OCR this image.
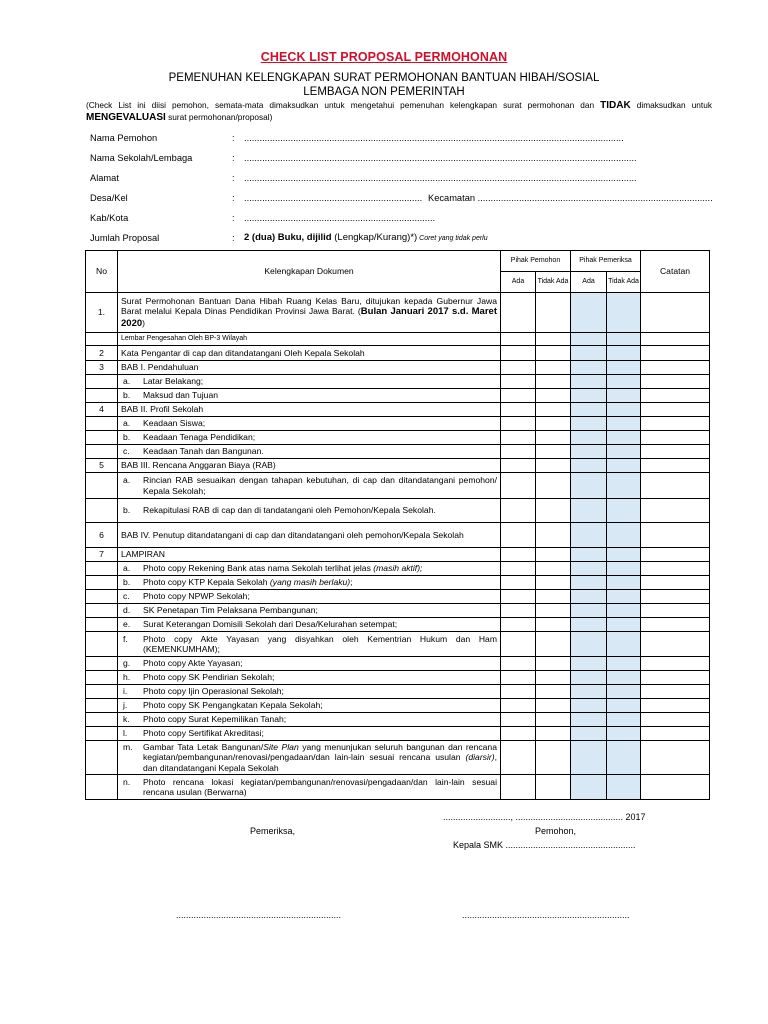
CHECK LIST PROPOSAL PERMOHONAN
PEMENUHAN KELENGKAPAN SURAT PERMOHONAN BANTUAN HIBAH/SOSIAL
LEMBAGA NON PEMERINTAH
(Check List ini diisi pemohon, semata-mata dimaksudkan untuk mengetahui pemenuhan kelengkapan surat permohonan dan TIDAK dimaksudkan untuk MENGEVALUASI surat permohonan/proposal)
Nama Pemohon	: ...................................................................................................................................................
Nama Sekolah/Lembaga	: ........................................................................................................................................................
Alamat	: ........................................................................................................................................................
Desa/Kel	: ..................................................................... Kecamatan ...........................................................................................
Kab/Kota	: ..........................................................................
Jumlah Proposal	: 2 (dua) Buku, dijilid (Lengkap/Kurang)*) Coret yang tidak perlu
No	Kelengkapan Dokumen	Pihak Pemohon		Pihak Pemeriksa		Catatan
		Ada	Tidak Ada	Ada	Tidak Ada	
1.	Surat Permohonan Bantuan Dana Hibah Ruang Kelas Baru, ditujukan kepada Gubernur Jawa Barat melalui Kepala Dinas Pendidikan Provinsi Jawa Barat. (Bulan Januari 2017 s.d. Maret 2020)					
	Lembar Pengesahan Oleh BP-3 Wilayah					
2	Kata Pengantar di cap dan ditandatangani Oleh Kepala Sekolah					
3	BAB I. Pendahuluan					

	a. Latar Belakang;					

	b. Maksud dan Tujuan					

4	BAB II. Profil Sekolah					

	a. Keadaan Siswa;					

	b. Keadaan Tenaga Pendidikan;					

	c. Keadaan Tanah dan Bangunan.					

5	BAB III. Rencana Anggaran Biaya (RAB)					

	a. Rincian RAB sesuaikan dengan tahapan kebutuhan, di cap dan ditandatangani pemohon/ Kepala Sekolah;					

	b. Rekapitulasi RAB di cap dan di tandatangani oleh Pemohon/Kepala Sekolah.					

6	BAB IV. Penutup ditandatangani di cap dan ditandatangani oleh pemohon/Kepala Sekolah					
7	LAMPIRAN					

	a. Photo copy Rekening Bank atas nama Sekolah terlihat jelas (masih aktif);					

	b. Photo copy KTP Kepala Sekolah (yang masih berlaku);					

	c. Photo copy NPWP Sekolah;					

	d. SK Penetapan Tim Pelaksana Pembangunan;					

	e. Surat Keterangan Domisili Sekolah dari Desa/Kelurahan setempat;					

	f. Photo copy Akte Yayasan yang disyahkan oleh Kementrian Hukum dan Ham (KEMENKUMHAM);					

	g. Photo copy Akte Yayasan;					

	h. Photo copy SK Pendirian Sekolah;					

	i. Photo copy Ijin Operasional Sekolah;					

	j. Photo copy SK Pengangkatan Kepala Sekolah;					

	k. Photo copy Surat Kepemilikan Tanah;					

	l. Photo copy Sertifikat Akreditasi;					

	m. Gambar Tata Letak Bangunan/Site Plan yang menunjukan seluruh bangunan dan rencana kegiatan/pembangunan/renovasi/pengadaan/dan lain-lain sesuai rencana usulan (diarsir), dan ditandatangani Kepala Sekolah					

	n. Photo rencana lokasi kegiatan/pembangunan/renovasi/pengadaan/dan lain-lain sesuai rencana usulan (Berwarna)					

..........................., ........................................... 2017
Pemeriksa,	Pemohon,
Kepala SMK ....................................................
..................................................................	...................................................................
